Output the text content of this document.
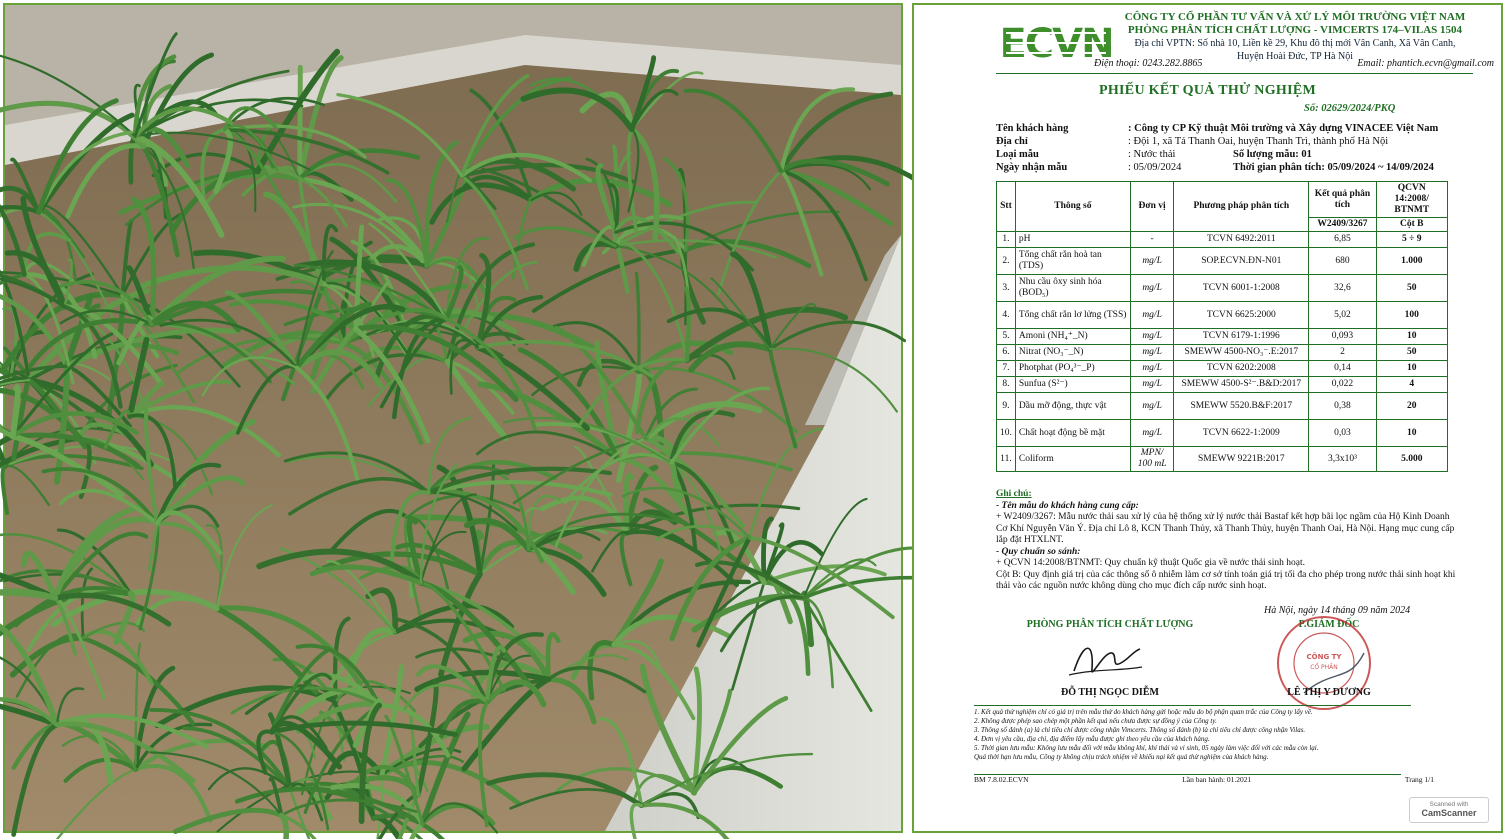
ECVN
CÔNG TY CỔ PHẦN TƯ VẤN VÀ XỬ LÝ MÔI TRƯỜNG VIỆT NAM
PHÒNG PHÂN TÍCH CHẤT LƯỢNG - VIMCERTS 174–VILAS 1504
Địa chỉ VPTN: Số nhà 10, Liền kề 29, Khu đô thị mới Vân Canh, Xã Vân Canh,
Huyện Hoài Đức, TP Hà Nội
Điện thoại: 0243.282.8865	Email: phantich.ecvn@gmail.com
PHIẾU KẾT QUẢ THỬ NGHIỆM
Số: 02629/2024/PKQ
Tên khách hàng	: Công ty CP Kỹ thuật Môi trường và Xây dựng VINACEE Việt Nam
Địa chỉ	: Đội 1, xã Tả Thanh Oai, huyện Thanh Trì, thành phố Hà Nội
Loại mẫu	: Nước thải	Số lượng mẫu: 01
Ngày nhận mẫu	: 05/09/2024	Thời gian phân tích: 05/09/2024 ~ 14/09/2024
Stt	Thông số	Đơn vị	Phương pháp phân tích	Kết quả phân tích	QCVN 14:2008/ BTNMT
				W2409/3267	Cột B
1.	pH	-	TCVN 6492:2011	6,85	5 ÷ 9
2.	Tổng chất rắn hoà tan (TDS)	mg/L	SOP.ECVN.ĐN-N01	680	1.000
3.	Nhu cầu ôxy sinh hóa (BOD₅)	mg/L	TCVN 6001-1:2008	32,6	50
4.	Tổng chất rắn lơ lửng (TSS)	mg/L	TCVN 6625:2000	5,02	100
5.	Amoni (NH₄⁺_N)	mg/L	TCVN 6179-1:1996	0,093	10
6.	Nitrat (NO₃⁻_N)	mg/L	SMEWW 4500-NO₃⁻.E:2017	2	50
7.	Photphat (PO₄³⁻_P)	mg/L	TCVN 6202:2008	0,14	10
8.	Sunfua (S²⁻)	mg/L	SMEWW 4500-S²⁻.B&D:2017	0,022	4
9.	Dầu mỡ động, thực vật	mg/L	SMEWW 5520.B&F:2017	0,38	20
10.	Chất hoạt động bề mặt	mg/L	TCVN 6622-1:2009	0,03	10
11.	Coliform	MPN/ 100 mL	SMEWW 9221B:2017	3,3x10³	5.000

Ghi chú:

- Tên mẫu do khách hàng cung cấp:

+ W2409/3267: Mẫu nước thải sau xử lý của hệ thống xử lý nước thải Bastaf kết hợp bãi lọc ngầm của Hộ Kinh Doanh Cơ Khí Nguyễn Văn Ý. Địa chỉ Lô 8, KCN Thanh Thủy, xã Thanh Thủy, huyện Thanh Oai, Hà Nội. Hạng mục cung cấp lắp đặt HTXLNT.

- Quy chuẩn so sánh:

+ QCVN 14:2008/BTNMT: Quy chuẩn kỹ thuật Quốc gia về nước thải sinh hoạt.

Cột B: Quy định giá trị của các thông số ô nhiễm làm cơ sở tính toán giá trị tối đa cho phép trong nước thải sinh hoạt khi thải vào các nguồn nước không dùng cho mục đích cấp nước sinh hoạt.

Hà Nội, ngày 14 tháng 09 năm 2024
PHÒNG PHÂN TÍCH CHẤT LƯỢNG	P.GIÁM ĐỐC
CÔNG TY
CỔ PHẦN
ĐỖ THỊ NGỌC DIỄM	LÊ THỊ Y DƯƠNG

1. Kết quả thử nghiệm chỉ có giá trị trên mẫu thử do khách hàng gửi hoặc mẫu do bộ phận quan trắc của Công ty lấy về.

2. Không được phép sao chép một phần kết quả nếu chưa được sự đồng ý của Công ty.

3. Thông số đánh (a) là chỉ tiêu chỉ được công nhận Vimcerts. Thông số đánh (b) là chỉ tiêu chỉ được công nhận Vilas.

4. Đơn vị yêu cầu, địa chỉ, địa điểm lấy mẫu được ghi theo yêu cầu của khách hàng.

5. Thời gian lưu mẫu: Không lưu mẫu đối với mẫu không khí, khí thải và vi sinh, 05 ngày làm việc đối với các mẫu còn lại.

Quá thời hạn lưu mẫu, Công ty không chịu trách nhiệm về khiếu nại kết quả thử nghiệm của khách hàng.

BM 7.8.02.ECVN	Lần ban hành: 01.2021	Trang 1/1
Scanned with
CamScanner
